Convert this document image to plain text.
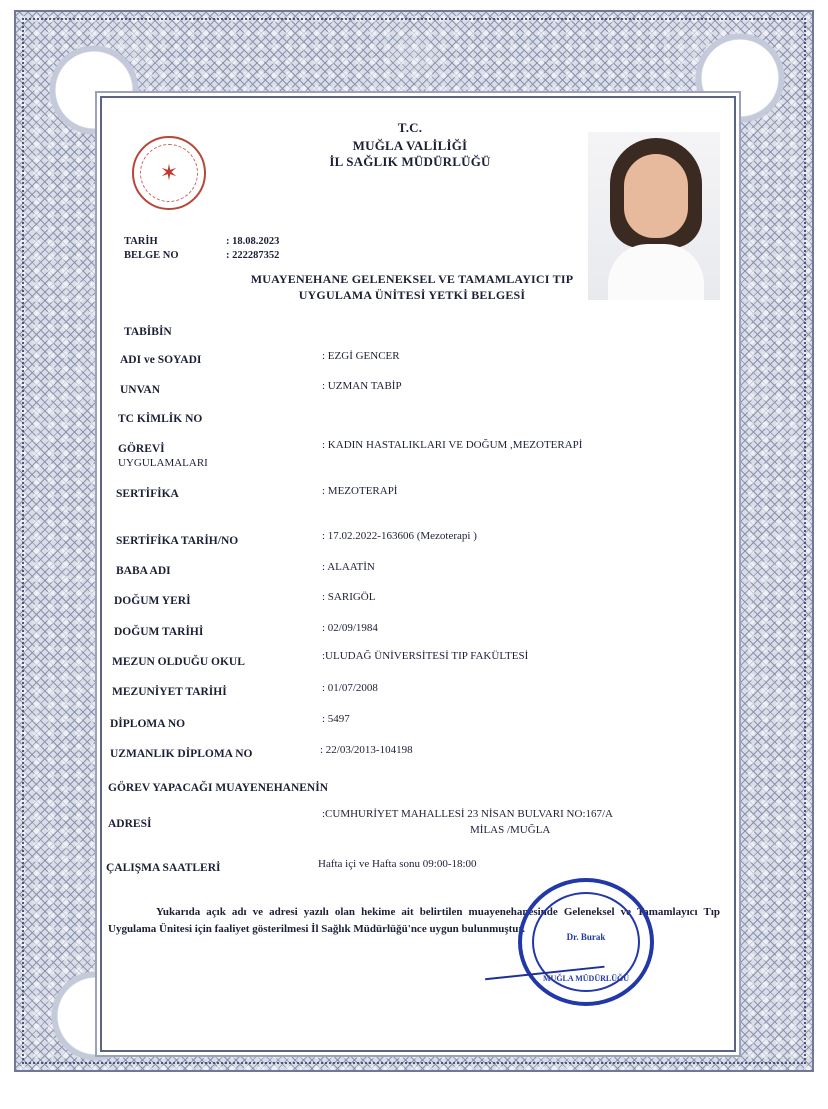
✶

T.C.

MUĞLA VALİLİĞİ

İL SAĞLIK MÜDÜRLÜĞÜ

TARİH	: 18.08.2023

BELGE NO	: 222287352

MUAYENEHANE GELENEKSEL VE TAMAMLAYICI TIP

UYGULAMA ÜNİTESİ YETKİ BELGESİ

TABİBİN

ADI ve SOYADI	: EZGİ GENCER

UNVAN	: UZMAN TABİP

TC KİMLİK NO

GÖREVİ

UYGULAMALARI

: KADIN HASTALIKLARI VE DOĞUM ,MEZOTERAPİ

SERTİFİKA	: MEZOTERAPİ

SERTİFİKA TARİH/NO	: 17.02.2022-163606 (Mezoterapi )

BABA ADI	: ALAATİN

DOĞUM YERİ	: SARIGÖL

DOĞUM TARİHİ	: 02/09/1984

MEZUN OLDUĞU OKUL	:ULUDAĞ ÜNİVERSİTESİ TIP FAKÜLTESİ

MEZUNİYET TARİHİ	: 01/07/2008

DİPLOMA NO	: 5497

UZMANLIK DİPLOMA NO	: 22/03/2013-104198

GÖREV YAPACAĞI MUAYENEHANENİN

ADRESİ

:CUMHURİYET MAHALLESİ 23 NİSAN BULVARI NO:167/A

MİLAS /MUĞLA

ÇALIŞMA SAATLERİ	Hafta içi ve Hafta sonu 09:00-18:00

Yukarıda açık adı ve adresi yazılı olan hekime ait belirtilen muayenehanesinde Geleneksel ve Tamamlayıcı Tıp Uygulama Ünitesi için faaliyet gösterilmesi İl Sağlık Müdürlüğü'nce uygun bulunmuştur.

Dr. Burak
MUĞLA MÜDÜRLÜĞÜ
